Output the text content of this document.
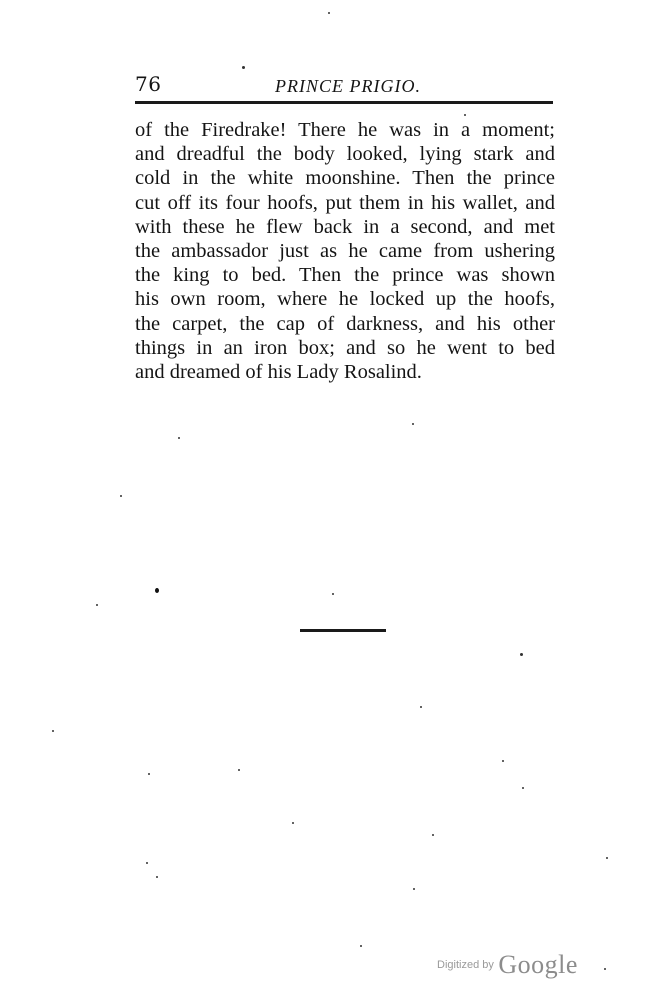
76	PRINCE PRIGIO.
of the Firedrake! There he was in a moment;
and dreadful the body looked, lying stark and
cold in the white moonshine. Then the prince
cut off its four hoofs, put them in his wallet, and
with these he flew back in a second, and met
the ambassador just as he came from ushering
the king to bed. Then the prince was shown
his own room, where he locked up the hoofs,
the carpet, the cap of darkness, and his other
things in an iron box; and so he went to bed
and dreamed of his Lady Rosalind.
Digitized by Google
